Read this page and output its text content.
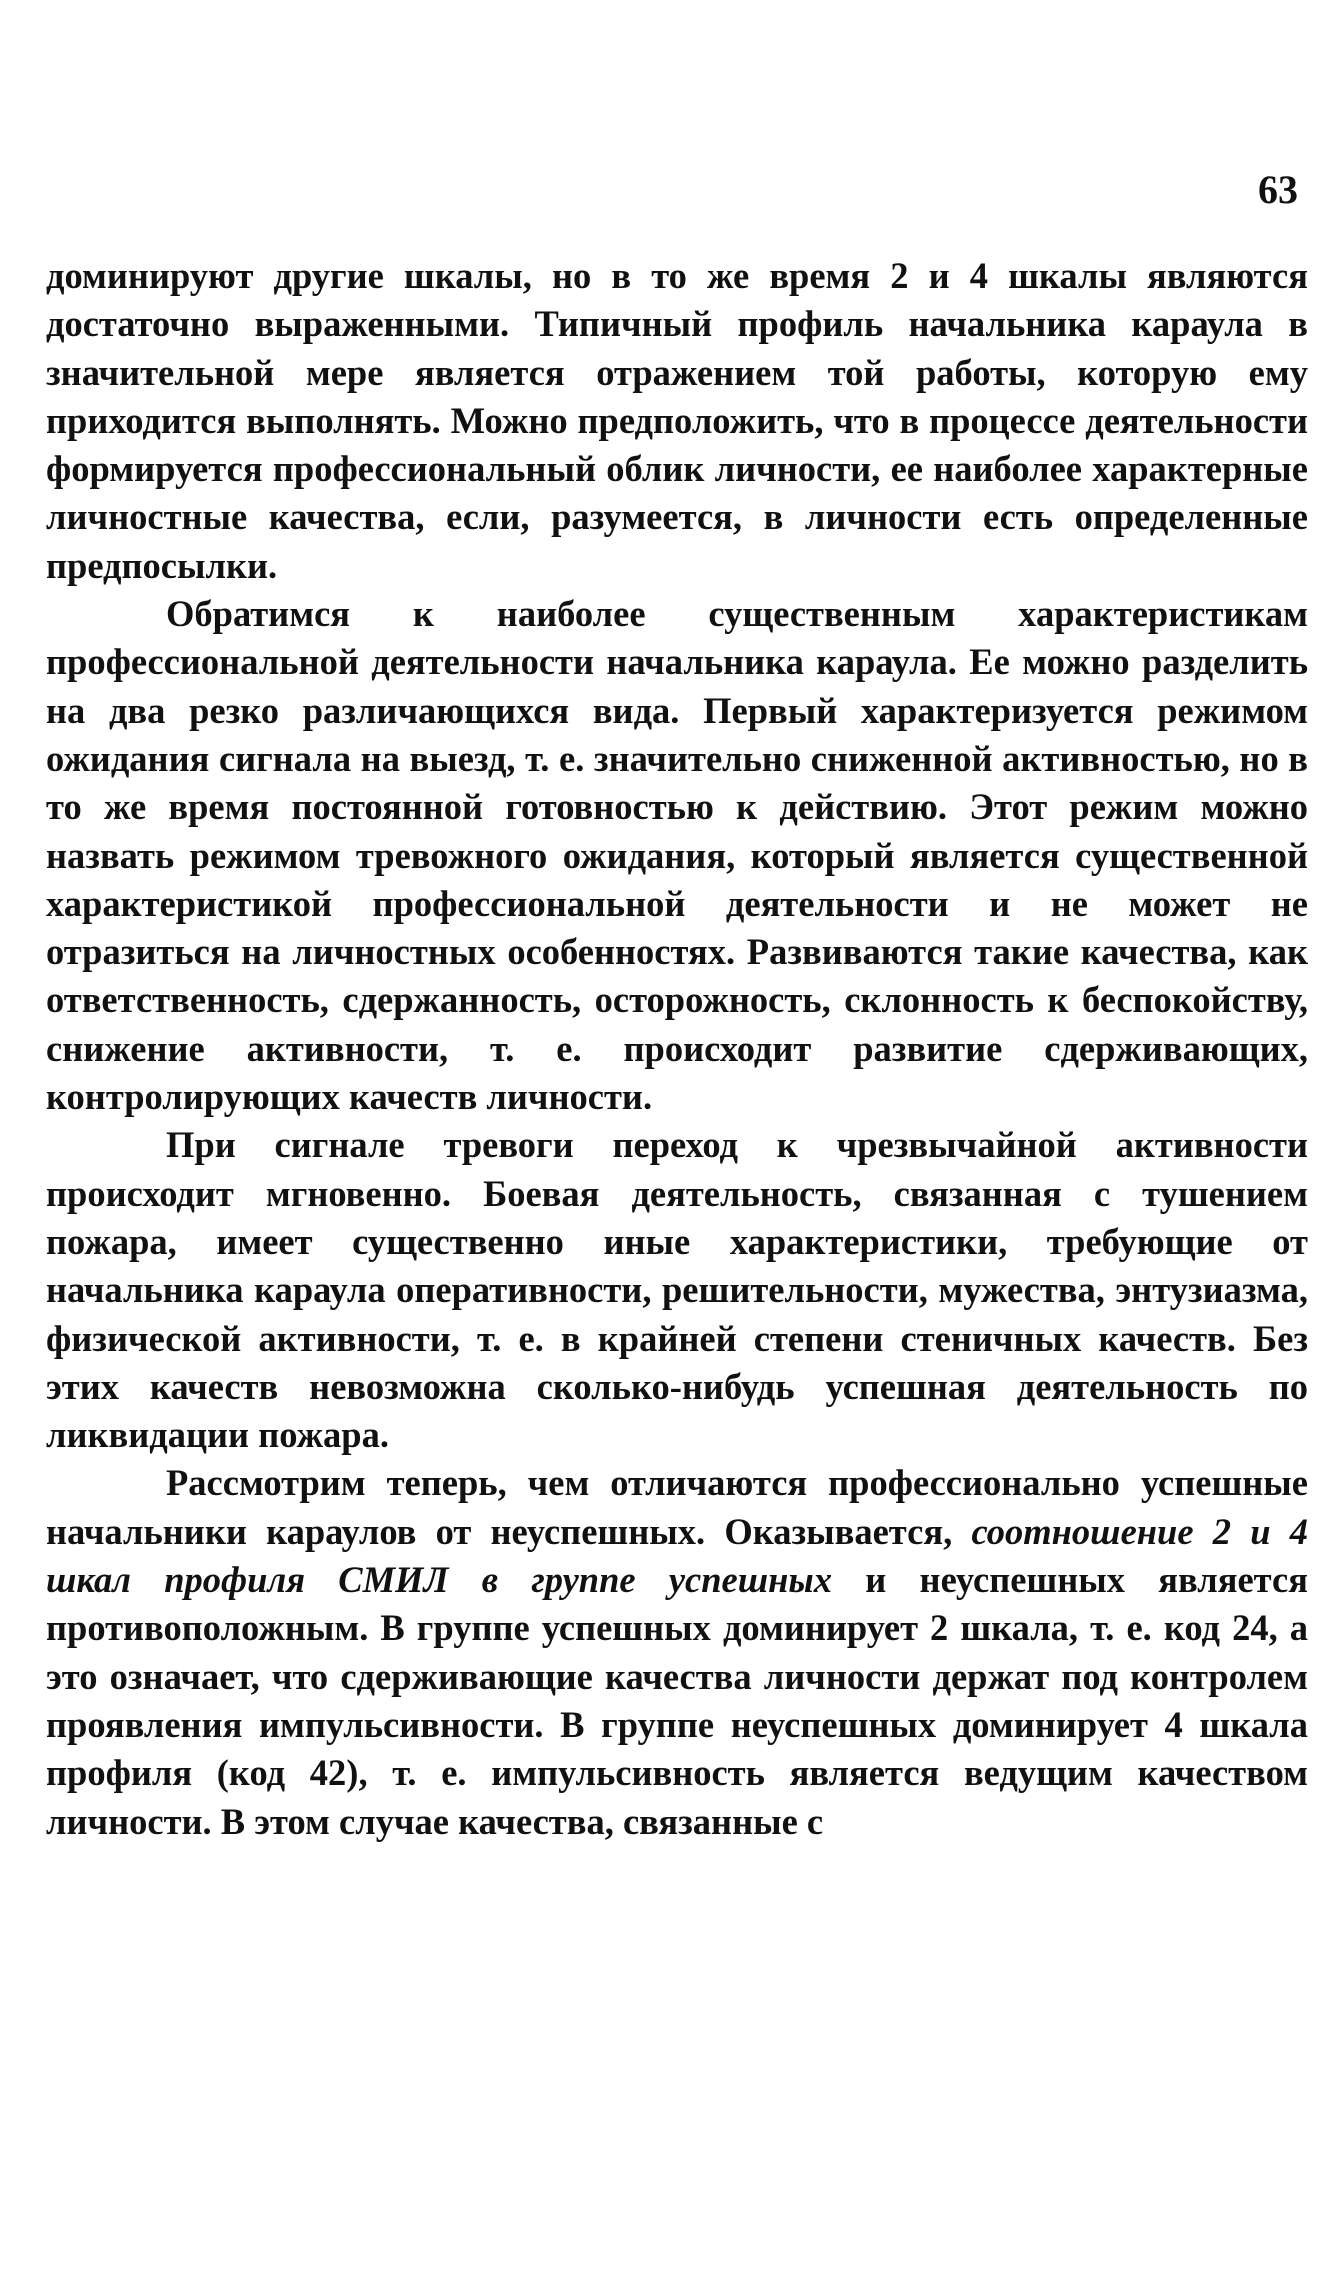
63

доминируют другие шкалы, но в то же время 2 и 4 шкалы являются достаточно выраженными. Типичный профиль начальника караула в значительной мере является отражением той работы, которую ему приходится выполнять. Можно предположить, что в процессе деятельности формируется профессиональный облик личности, ее наиболее характерные личностные качества, если, разумеется, в личности есть определенные предпосылки.

Обратимся к наиболее существенным характеристикам профессиональной деятельности начальника караула. Ее можно разделить на два резко различающихся вида. Первый характеризуется режимом ожидания сигнала на выезд, т. е. значительно сниженной активностью, но в то же время постоянной готовностью к действию. Этот режим можно назвать режимом тревожного ожидания, который является существенной характеристикой профессиональной деятельности и не может не отразиться на личностных особенностях. Развиваются такие качества, как ответственность, сдержанность, осторожность, склонность к беспокойству, снижение активности, т. е. происходит развитие сдерживающих, контролирующих качеств личности.

При сигнале тревоги переход к чрезвычайной активности происходит мгновенно. Боевая деятельность, связанная с тушением пожара, имеет существенно иные характеристики, требующие от начальника караула оперативности, решительности, мужества, энтузиазма, физической активности, т. е. в крайней степени стеничных качеств. Без этих качеств невозможна сколько-нибудь успешная деятельность по ликвидации пожара.

Рассмотрим теперь, чем отличаются профессионально успешные начальники караулов от неуспешных. Оказывается, соотношение 2 и 4 шкал профиля СМИЛ в группе успешных и неуспешных является противоположным. В группе успешных доминирует 2 шкала, т. е. код 24, а это означает, что сдерживающие качества личности держат под контролем проявления импульсивности. В группе неуспешных доминирует 4 шкала профиля (код 42), т. е. импульсивность является ведущим качеством личности. В этом случае качества, связанные с
